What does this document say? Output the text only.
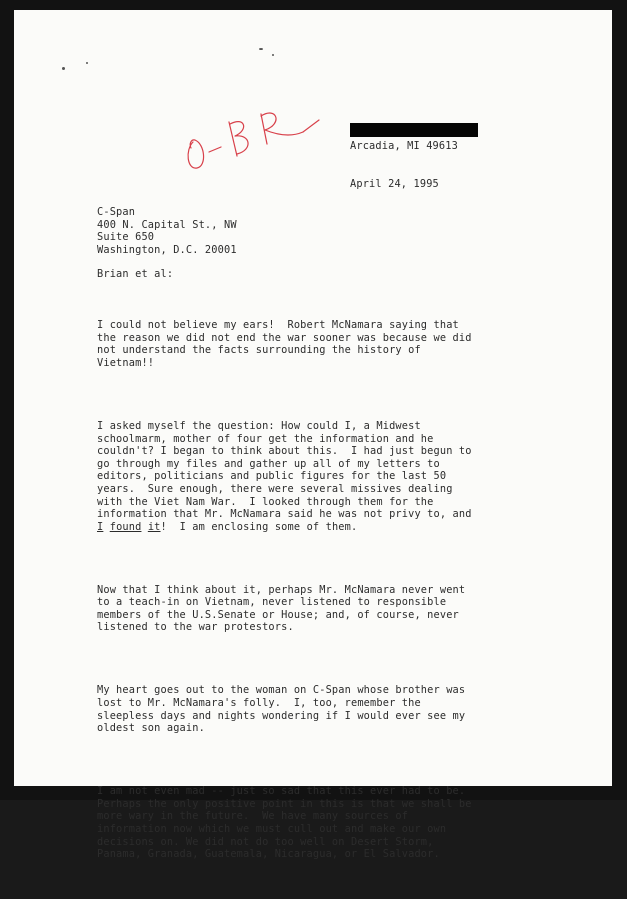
Arcadia, MI 49613

April 24, 1995
C-Span
400 N. Capital St., NW
Suite 650
Washington, D.C. 20001
Brian et al:

I could not believe my ears!  Robert McNamara saying that
the reason we did not end the war sooner was because we did
not understand the facts surrounding the history of
Vietnam!!

I asked myself the question: How could I, a Midwest
schoolmarm, mother of four get the information and he
couldn't? I began to think about this.  I had just begun to
go through my files and gather up all of my letters to
editors, politicians and public figures for the last 50
years.  Sure enough, there were several missives dealing
with the Viet Nam War.  I looked through them for the
information that Mr. McNamara said he was not privy to, and
I found it!  I am enclosing some of them.

Now that I think about it, perhaps Mr. McNamara never went
to a teach-in on Vietnam, never listened to responsible
members of the U.S.Senate or House; and, of course, never
listened to the war protestors.

My heart goes out to the woman on C-Span whose brother was
lost to Mr. McNamara's folly.  I, too, remember the
sleepless days and nights wondering if I would ever see my
oldest son again.

I am not even mad -- just so sad that this ever had to be.
Perhaps the only positive point in this is that we shall be
more wary in the future.  We have many sources of
information now which we must cull out and make our own
decisions on. We did not do too well on Desert Storm,
Panama, Granada, Guatemala, Nicaragua, or El Salvador.
